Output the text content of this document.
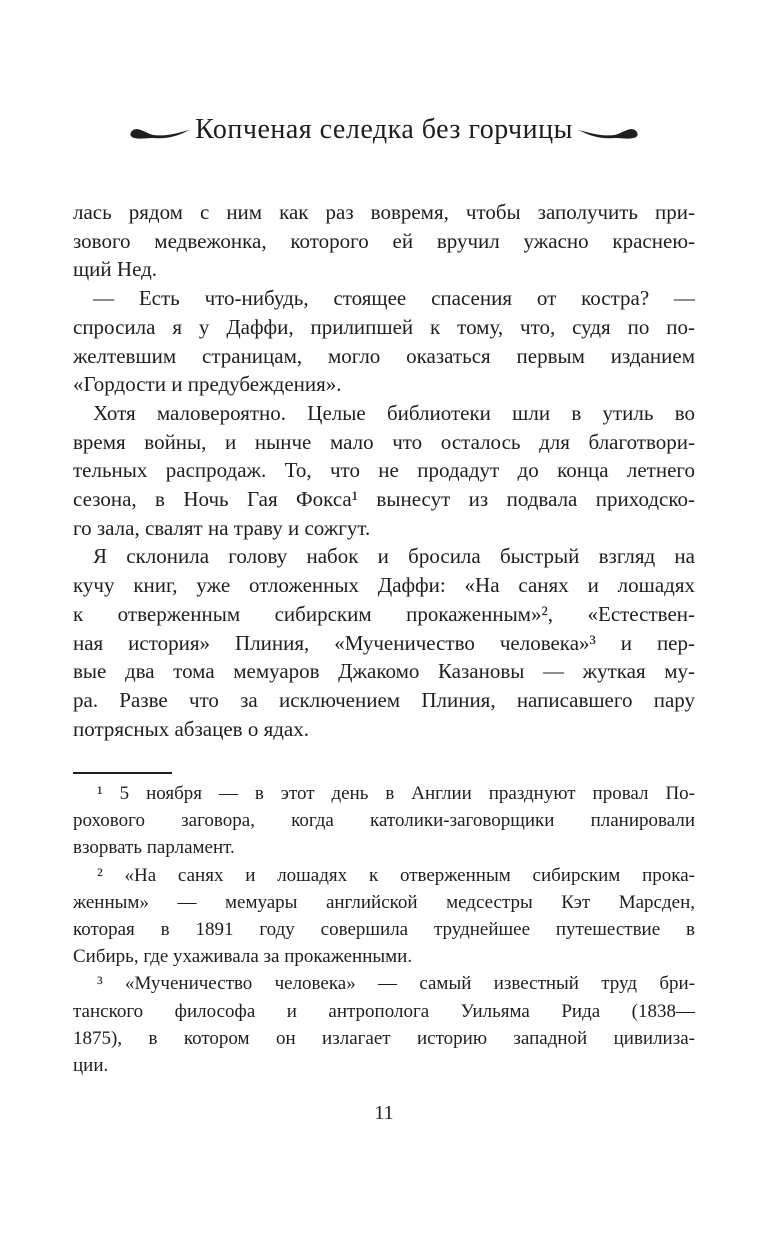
Копченая селедка без горчицы
лась рядом с ним как раз вовремя, чтобы заполучить при-
зового медвежонка, которого ей вручил ужасно краснею-
щий Нед.
— Есть что-нибудь, стоящее спасения от костра? —
спросила я у Даффи, прилипшей к тому, что, судя по по-
желтевшим страницам, могло оказаться первым изданием
«Гордости и предубеждения».
Хотя маловероятно. Целые библиотеки шли в утиль во
время войны, и нынче мало что осталось для благотвори-
тельных распродаж. То, что не продадут до конца летнего
сезона, в Ночь Гая Фокса¹ вынесут из подвала приходско-
го зала, свалят на траву и сожгут.
Я склонила голову набок и бросила быстрый взгляд на
кучу книг, уже отложенных Даффи: «На санях и лошадях
к отверженным сибирским прокаженным»², «Естествен-
ная история» Плиния, «Мученичество человека»³ и пер-
вые два тома мемуаров Джакомо Казановы — жуткая му-
ра. Разве что за исключением Плиния, написавшего пару
потрясных абзацев о ядах.
¹ 5 ноября — в этот день в Англии празднуют провал По-
рохового заговора, когда католики-заговорщики планировали
взорвать парламент.
² «На санях и лошадях к отверженным сибирским прока-
женным» — мемуары английской медсестры Кэт Марсден,
которая в 1891 году совершила труднейшее путешествие в
Сибирь, где ухаживала за прокаженными.
³ «Мученичество человека» — самый известный труд бри-
танского философа и антрополога Уильяма Рида (1838—
1875), в котором он излагает историю западной цивилиза-
ции.
11
